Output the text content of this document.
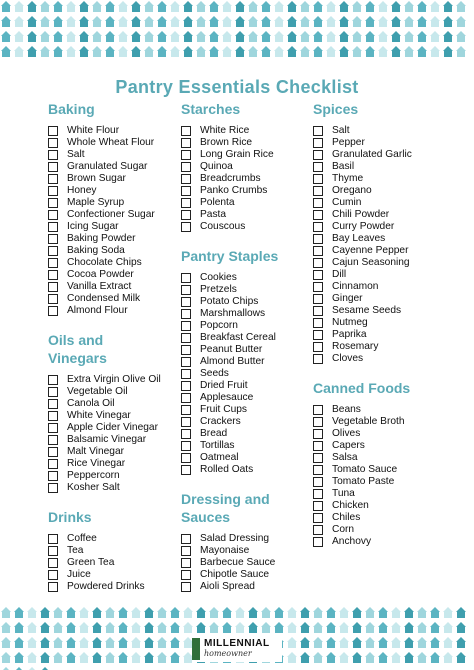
Pantry Essentials Checklist
Baking
White Flour
Whole Wheat Flour
Salt
Granulated Sugar
Brown Sugar
Honey
Maple Syrup
Confectioner Sugar
Icing Sugar
Baking Powder
Baking Soda
Chocolate Chips
Cocoa Powder
Vanilla Extract
Condensed Milk
Almond Flour
Oils and Vinegars
Extra Virgin Olive Oil
Vegetable Oil
Canola Oil
White Vinegar
Apple Cider Vinegar
Balsamic Vinegar
Malt Vinegar
Rice Vinegar
Peppercorn
Kosher Salt
Drinks
Coffee
Tea
Green Tea
Juice
Powdered Drinks
Starches
White Rice
Brown Rice
Long Grain Rice
Quinoa
Breadcrumbs
Panko Crumbs
Polenta
Pasta
Couscous
Pantry Staples
Cookies
Pretzels
Potato Chips
Marshmallows
Popcorn
Breakfast Cereal
Peanut Butter
Almond Butter
Seeds
Dried Fruit
Applesauce
Fruit Cups
Crackers
Bread
Tortillas
Oatmeal
Rolled Oats
Dressing and Sauces
Salad Dressing
Mayonaise
Barbecue Sauce
Chipotle Sauce
Aioli Spread
Spices
Salt
Pepper
Granulated Garlic
Basil
Thyme
Oregano
Cumin
Chili Powder
Curry Powder
Bay Leaves
Cayenne Pepper
Cajun Seasoning
Dill
Cinnamon
Ginger
Sesame Seeds
Nutmeg
Paprika
Rosemary
Cloves
Canned Foods
Beans
Vegetable Broth
Olives
Capers
Salsa
Tomato Sauce
Tomato Paste
Tuna
Chicken
Chiles
Corn
Anchovy
MILLENNIAL
homeowner
